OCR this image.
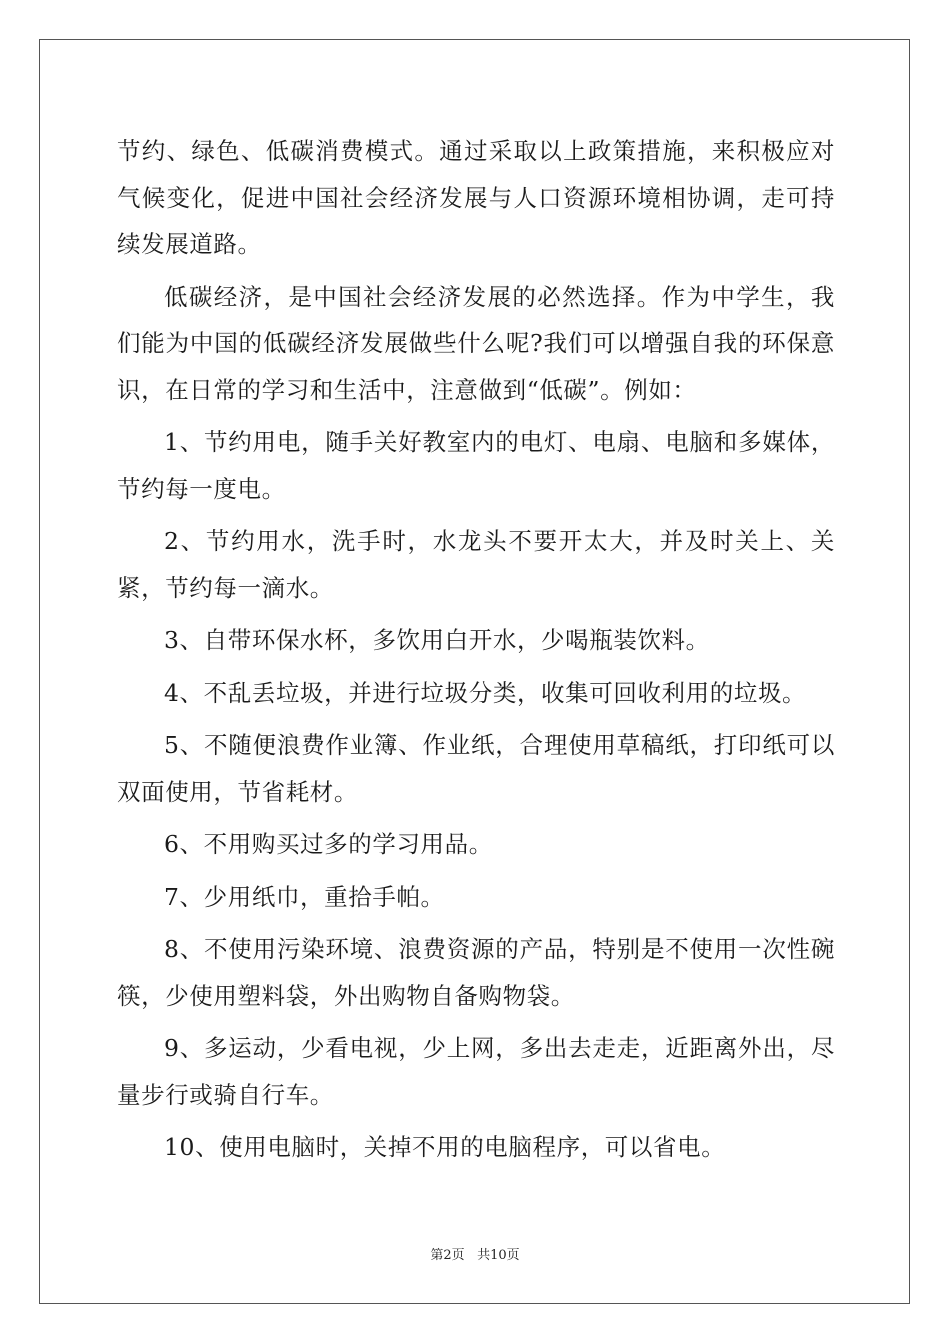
节约、绿色、低碳消费模式。通过采取以上政策措施，来积极应对气候变化，促进中国社会经济发展与人口资源环境相协调，走可持续发展道路。

低碳经济，是中国社会经济发展的必然选择。作为中学生，我们能为中国的低碳经济发展做些什么呢?我们可以增强自我的环保意识，在日常的学习和生活中，注意做到“低碳”。例如：

1、节约用电，随手关好教室内的电灯、电扇、电脑和多媒体，节约每一度电。

2、节约用水，洗手时，水龙头不要开太大，并及时关上、关紧，节约每一滴水。

3、自带环保水杯，多饮用白开水，少喝瓶装饮料。

4、不乱丢垃圾，并进行垃圾分类，收集可回收利用的垃圾。

5、不随便浪费作业簿、作业纸，合理使用草稿纸，打印纸可以双面使用，节省耗材。

6、不用购买过多的学习用品。

7、少用纸巾，重拾手帕。

8、不使用污染环境、浪费资源的产品，特别是不使用一次性碗筷，少使用塑料袋，外出购物自备购物袋。

9、多运动，少看电视，少上网，多出去走走，近距离外出，尽量步行或骑自行车。

10、使用电脑时，关掉不用的电脑程序，可以省电。

第2页 共10页
